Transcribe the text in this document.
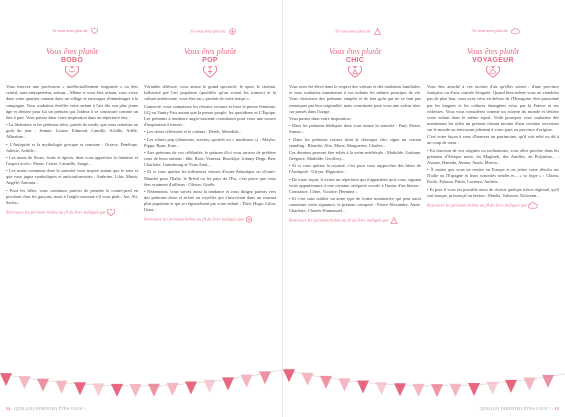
Si vous avez plus de
Vous êtes plutôt
BOBO

Vous exercez une profession « intellectuellement exigeante » ou êtes créatif, auto-entrepreneur, artisan... Même si vous êtes urbain, vous vivez dans votre quartier comme dans un village et envisagez d'emménager à la campagne. Vous souhaitez éveiller votre enfant à l'art dès son plus jeune âge et désirez pour lui un prénom qui l'aidera à se construire comme un être à part. Vous puisez dans votre inspiration dans un répertoire arty :

• La littérature et les prénoms rétro, passés de mode, que vous remettez au goût du jour : Jeanne, Louise, Edmond, Camille, Achille, Adèle, Albertine...

• L'Antiquité et la mythologie grecque et romaine : Octave, Pénélope, Juliette, Achille...

• Les noms de fleurs, fruits et épices, dont vous appréciez la fantaisie et l'aspect écolo : Prune, Cerise, Cannelle, Sauge...

• Les noms communs dont la sonorité vous inspire autant que le sens et que vous jugez symboliques et anticonformistes : Ambrine, Lilas, Marin, Angèle, Antonin...

• Pour les filles, vous continuez parfois de prendre le contre-pied en piochant chez les garçons, mais à l'anglo-saxonne s'il vous plaît : Joe, Ali, Sacha...

Retrouvez les prénoms bobos au fil du livre indiqués par
Si vous avez plus de
Vous êtes plutôt
POP

Véritable télévore, vous aimez le grand spectacle, le sport, le cinéma. Influencé par l'art populaire (qualifiés qu'on soient les formes) et la culture américaine, vous êtes un « produit de votre temps ».

Connecté, vous connaissez les réseaux sociaux et lisez la presse féminine, GQ ou Vanity Fair autant que la presse people, les quotidiens et L'Équipe. Les prénoms à tendance anglo-saxonne constituent pour vous une source d'inspiration à travers :

• Les séries télévisées et le cinéma : Derek, Meredith...

• Les icônes pop (chanteurs, acteurs, sportifs ou « modeuses ») : Maybo, Pippa, Ryan, Kate...

• Aux prénoms de vos célébrités, le prénom d'ici vous arrivez de préférer ceux de leurs enfants : Idle, Rose, Vanessa, Brooklyn, Johnny Depp, Ben, Charlotte, Gainsbourg et Yvan Attal...

• Et si vous quittez les influences venues d'outre-Atlantique ou d'outre-Manche pour l'Italie, le Brésil ou les pays de l'Est, c'est parce que vous êtes vraiment d'ailleurs : Olivier, Giséle.

• Néanmoins, vous suivez aussi la tendance et vous dirigez parfois vers des prénoms doux et riches en voyelles qui s'inscrivent dans un courant plus populaire et qui se régionalisent par votre enfant : Théo, Hugo, Lilou, Ilona...

Retrouvez les prénoms bobos au fil du livre indiqués par
14 - QUEL(LE) PARENT(E) ÊTES-VOUS ?
Si vous avez plus de
Vous êtes plutôt
CHIC

Vous avez été élevé dans le respect des valeurs et des traditions familiales, et vous souhaitez transmettre à vos enfants les mêmes principes de vie. Vous choisissez des prénoms simples et de bon goût qui ne se font pas remarquer par leur originalité, mais constituent pour vous une valeur sûre, car passés dans l'usage.

Vous puisez dans votre inspiration :

• Dans les prénoms bibliques dont vous aimez la sonorité : Paul, Pierre, Simon...

• Dans les prénoms royaux dont le classique chic signe un certain standing : Blanche, Alix, Marie, Marguerite, Charles...

Ces derniers peuvent être reliés à la veine médiévale : Mathilde, Gaëtane, Grégoire, Mathilde, Geoffroy...

• Et si vous quittez la royauté, c'est pour vous rapprocher des héros de l'Antiquité : Ulysse, Hippolyte...

• De toute façon, il existe un répertoire qui n'appartient qu'à vous, signant votre appartenance à une certaine catégorie sociale à l'instar d'un blason : Constance, Côme, Victoire, Hermine...

• Et c'est sans oublier un autre type de forme nominative qui peut aussi constituer votre signature, le prénom composé : Pierre-Alexandre, Anne-Charlotte, Charles-Emmanuel...

Retrouvez les prénoms bobos au fil du livre indiqués par
Si vous avez plus de
Vous êtes plutôt
VOYAGEUR

Vous êtes attaché à vos racines d'où qu'elles soient : d'une province française ou d'une contrée éloignée. Quand bien même vous ne viendriez pas de plus loin, vous avez vécu en dehors de l'Hexagone, êtes passionné par les langues et les cultures étrangères et/ou par la France et ses richesses. Vous vous considérez comme un citoyen du monde et désirez votre enfant dans le même esprit. Voilà pourquoi vous souhaitez dès maintenant lui offrir un prénom faisant montre d'une certaine ouverture sur le monde ou renvoyant joliment à votre pays ou province d'origine.

C'est votre façon à vous d'honorer un patrimoine, qu'il soit relié ou dû à un coup de cœur :

• En fonction de vos origines ou inclinations, vous allez piocher dans les prénoms d'Afrique noire, du Maghreb, des Antilles, de Polynésie... : Assane, Hamida, Amina, Anaïs, Maeva...

• À moins que vous ne restiez en Europe et ne jetiez votre dévolu sur l'Italie ou l'Espagne et leurs sonorités rondes et... « so hype » : Chiara, Paolo, Paloma, Pablo, Lorenzo, Andréa...

• Et puis il vous est possible aussi de choisir quelque trésor régional, qu'il soit basque, provençal ou breton : Maelia, Yahaven, Nolwenn...

Retrouvez les prénoms bobos au fil du livre indiqués par
QUEL(LE) PARENT(E) ÊTES-VOUS ? - 15
